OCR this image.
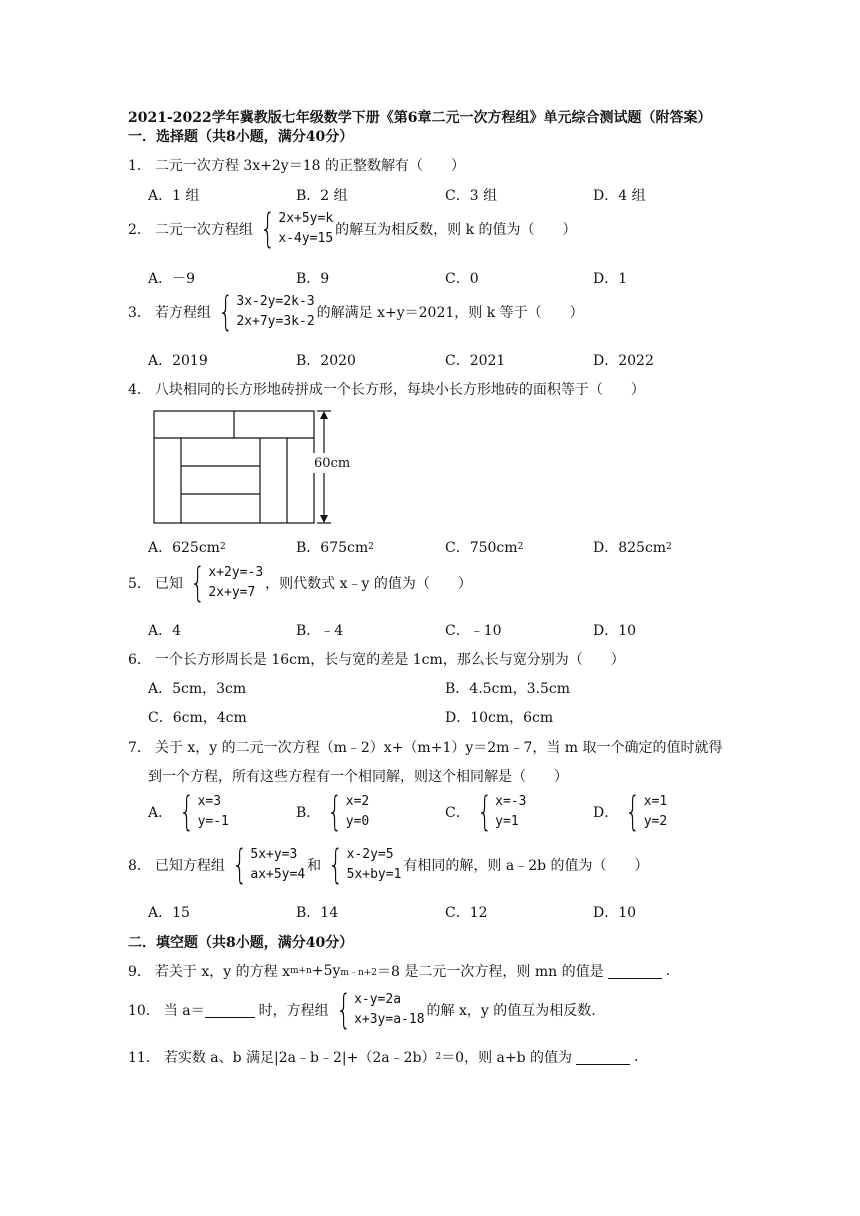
2021-2022学年冀教版七年级数学下册《第6章二元一次方程组》单元综合测试题（附答案）
一．选择题（共8小题，满分40分）
1． 二元一次方程 3x+2y＝18 的正整数解有（　　）
A．1 组	B．2 组	C．3 组	D．4 组
2． 二元一次方程组 { 2x+5y=k
x-4y=15
的解互为相反数，则 k 的值为（　　）
A．－9	B．9	C．0	D．1
3． 若方程组 { 3x-2y=2k-3
2x+7y=3k-2
的解满足 x+y＝2021，则 k 等于（　　）
A．2019	B．2020	C．2021	D．2022
4． 八块相同的长方形地砖拼成一个长方形，每块小长方形地砖的面积等于（　　）
60cm
A．625cm 2	B．675cm 2	C．750cm 2	D．825cm 2
5． 已知 { x+2y=-3
2x+y=7
，则代数式 x﹣y 的值为（　　）
A．4	B．﹣4	C．﹣10	D．10
6． 一个长方形周长是 16cm，长与宽的差是 1cm，那么长与宽分别为（　　）
A．5cm，3cm	B．4.5cm，3.5cm
C．6cm，4cm	D．10cm，6cm
7． 关于 x，y 的二元一次方程（m﹣2）x+（m+1）y＝2m﹣7，当 m 取一个确定的值时就得
到一个方程，所有这些方程有一个相同解，则这个相同解是（　　）
A． { x=3
y=-1
B． { x=2
y=0
C． { x=-3
y=1
D． { x=1
y=2
8． 已知方程组 { 5x+y=3
ax+5y=4
和 { x-2y=5
5x+by=1
有相同的解，则 a﹣2b 的值为（　　）
A．15	B．14	C．12	D．10
二．填空题（共8小题，满分40分）
9． 若关于 x，y 的方程 x m+n +5y m﹣n+2 ＝8 是二元一次方程，则 mn 的值是	.
10． 当 a＝	时，方程组 { x-y=2a
x+3y=a-18
的解 x，y 的值互为相反数.
11． 若实数 a、b 满足|2a﹣b﹣2|+（2a﹣2b） 2 ＝0，则 a+b 的值为	.
